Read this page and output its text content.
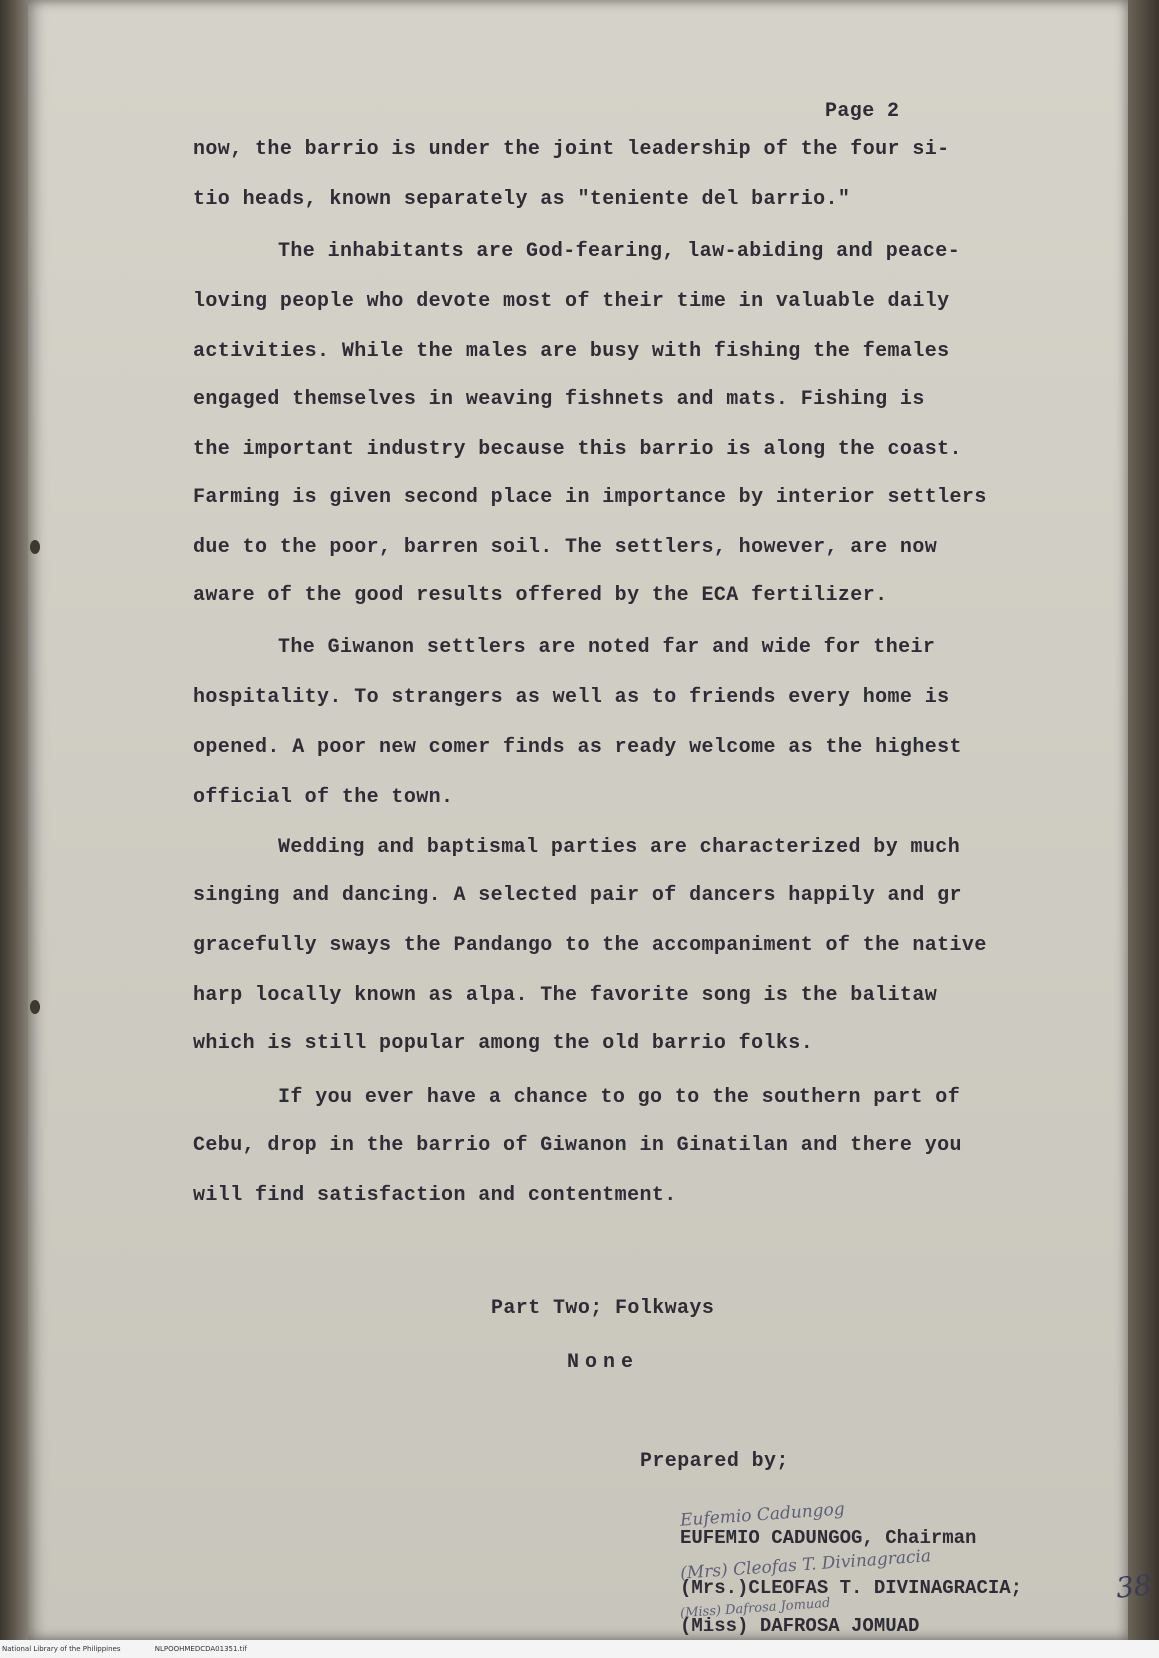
Page 2
now, the barrio is under the joint leadership of the four si-
tio heads, known separately as "teniente del barrio."
The inhabitants are God-fearing, law-abiding and peace-
loving people who devote most of their time in valuable daily
activities. While the males are busy with fishing the females
engaged themselves in weaving fishnets and mats. Fishing is
the important industry because this barrio is along the coast.
Farming is given second place in importance by interior settlers
due to the poor, barren soil. The settlers, however, are now
aware of the good results offered by the ECA fertilizer.
The Giwanon settlers are noted far and wide for their
hospitality. To strangers as well as to friends every home is
opened. A poor new comer finds as ready welcome as the highest
official of the town.
Wedding and baptismal parties are characterized by much
singing and dancing. A selected pair of dancers happily and gr
gracefully sways the Pandango to the accompaniment of the native
harp locally known as alpa. The favorite song is the balitaw
which is still popular among the old barrio folks.
If you ever have a chance to go to the southern part of
Cebu, drop in the barrio of Giwanon in Ginatilan and there you
will find satisfaction and contentment.
Part Two; Folkways
None
Prepared by;
Eufemio Cadungog
EUFEMIO CADUNGOG, Chairman
(Mrs) Cleofas T. Divinagracia
(Mrs.)CLEOFAS T. DIVINAGRACIA;
(Miss) Dafrosa Jomuad
(Miss) DAFROSA JOMUAD
38
National Library of the Philippines	NLPOOHMEDCDA01351.tif
